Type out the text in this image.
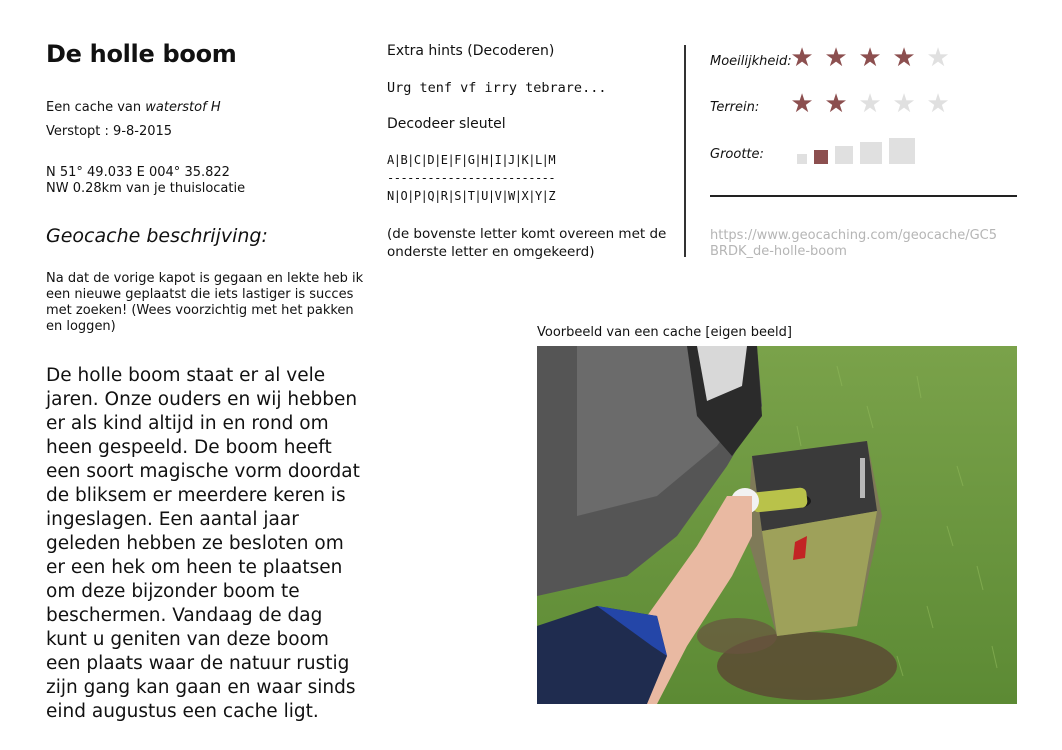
De holle boom
Een cache van waterstof H
Verstopt : 9-8-2015
N 51° 49.033 E 004° 35.822
NW 0.28km van je thuislocatie
Geocache beschrijving:
Na dat de vorige kapot is gegaan en lekte heb ik een nieuwe geplaatst die iets lastiger is succes met zoeken! (Wees voorzichtig met het pakken en loggen)
De holle boom staat er al vele jaren. Onze ouders en wij hebben er als kind altijd in en rond om heen gespeeld. De boom heeft een soort magische vorm doordat de bliksem er meerdere keren is ingeslagen. Een aantal jaar geleden hebben ze besloten om er een hek om heen te plaatsen om deze bijzonder boom te beschermen. Vandaag de dag kunt u geniten van deze boom een plaats waar de natuur rustig zijn gang kan gaan en waar sinds eind augustus een cache ligt.
Extra hints (Decoderen)
Urg tenf vf irry tebrare...
Decodeer sleutel
A|B|C|D|E|F|G|H|I|J|K|L|M
-------------------------
N|O|P|Q|R|S|T|U|V|W|X|Y|Z
(de bovenste letter komt overeen met de onderste letter en omgekeerd)
Moeilijkheid:
★ ★ ★ ★ ★
Terrein: ★ ★ ★ ★ ★
Grootte:
https://www.geocaching.com/geocache/GC5BRDK_de-holle-boom
Voorbeeld van een cache [eigen beeld]
